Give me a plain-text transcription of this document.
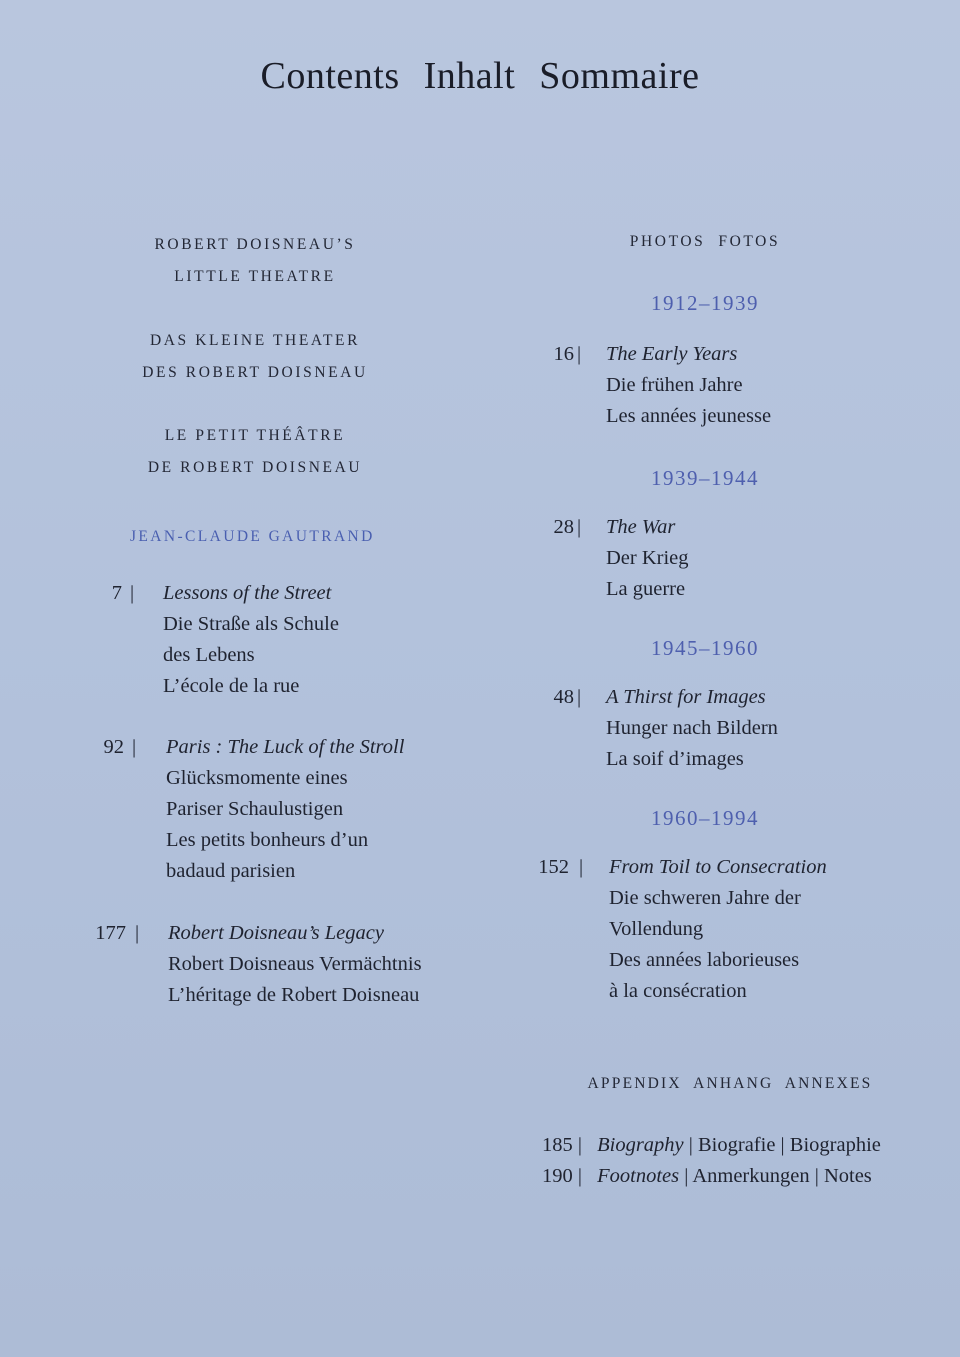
Contents Inhalt Sommaire
ROBERT DOISNEAU’S
LITTLE THEATRE
DAS KLEINE THEATER
DES ROBERT DOISNEAU
LE PETIT THÉÂTRE
DE ROBERT DOISNEAU
JEAN-CLAUDE GAUTRAND
7 | Lessons of the Street
Die Straße als Schule
des Lebens
L’école de la rue
92 | Paris : The Luck of the Stroll
Glücksmomente eines
Pariser Schaulustigen
Les petits bonheurs d’un
badaud parisien
177 | Robert Doisneau’s Legacy
Robert Doisneaus Vermächtnis
L’héritage de Robert Doisneau
PHOTOS  FOTOS
1912–1939
16 | The Early Years
Die frühen Jahre
Les années jeunesse
1939–1944
28 | The War
Der Krieg
La guerre
1945–1960
48 | A Thirst for Images
Hunger nach Bildern
La soif d’images
1960–1994
152 | From Toil to Consecration
Die schweren Jahre der
Vollendung
Des années laborieuses
à la consécration
APPENDIX  ANHANG  ANNEXES
185 | Biography | Biografie | Biographie
190 | Footnotes | Anmerkungen | Notes
